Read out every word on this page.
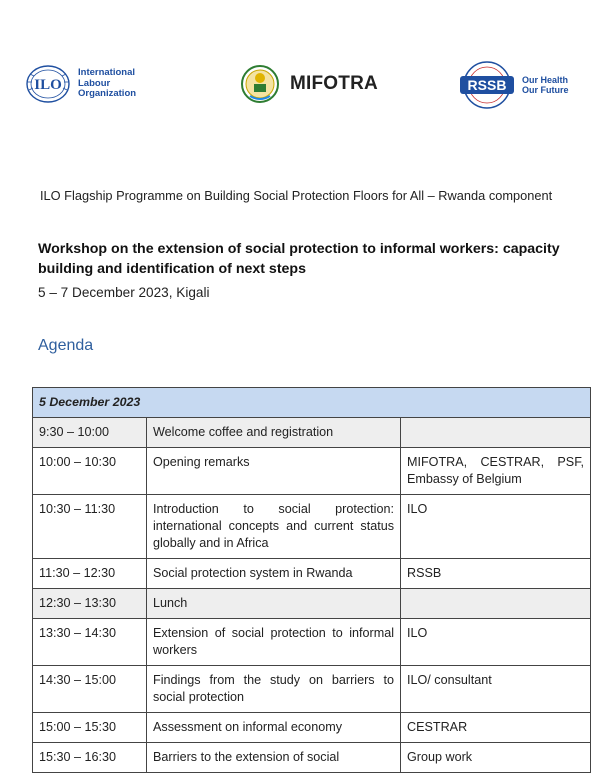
ILO
International
Labour
Organization	MIFOTRA	RSSB Our Health
Our Future
ILO Flagship Programme on Building Social Protection Floors for All – Rwanda component
Workshop on the extension of social protection to informal workers: capacity building and identification of next steps
5 – 7 December 2023, Kigali
Agenda
5 December 2023		
9:30 – 10:00	Welcome coffee and registration	
10:00 – 10:30	Opening remarks	MIFOTRA, CESTRAR, PSF, Embassy of Belgium
10:30 – 11:30	Introduction to social protection: international concepts and current status globally and in Africa	ILO
11:30 – 12:30	Social protection system in Rwanda	RSSB
12:30 – 13:30	Lunch	
13:30 – 14:30	Extension of social protection to informal workers	ILO
14:30 – 15:00	Findings from the study on barriers to social protection	ILO/ consultant
15:00 – 15:30	Assessment on informal economy	CESTRAR
15:30 – 16:30	Barriers to the extension of social	Group work
